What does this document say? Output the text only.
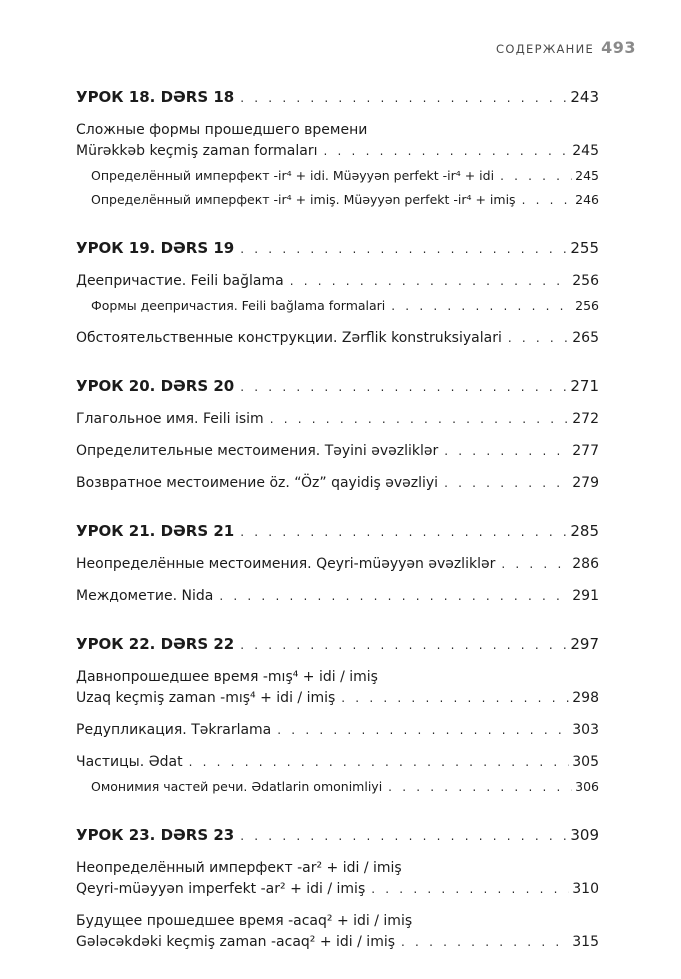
СОДЕРЖАНИЕ 493
УРОК 18. DƏRS 18 . . .	243
Сложные формы прошедшего времени
Mürəkkəb keçmiş zaman formaları . . .	245
Определённый имперфект -ir⁴ + idi. Müəyyən perfekt -ir⁴ + idi . . .	245
Определённый имперфект -ir⁴ + imiş. Müəyyən perfekt -ir⁴ + imiş . . .	246
УРОК 19. DƏRS 19 . . .	255
Деепричастие. Feili bağlama . . .	256
Формы деепричастия. Feili bağlama formalari . . .	256
Обстоятельственные конструкции. Zərflik konstruksiyalari . . .	265
УРОК 20. DƏRS 20 . . .	271
Глагольное имя. Feili isim . . .	272
Определительные местоимения. Təyini əvəzliklər . . .	277
Возвратное местоимение öz. “Öz” qayidiş əvəzliyi . . .	279
УРОК 21. DƏRS 21 . . .	285
Неопределённые местоимения. Qeyri-müəyyən əvəzliklər . . .	286
Междометие. Nida . . .	291
УРОК 22. DƏRS 22 . . .	297
Давнопрошедшее время -mış⁴ + idi / imiş
Uzaq keçmiş zaman -mış⁴ + idi / imiş . . .	298
Редупликация. Təkrarlama . . .	303
Частицы. Ədat . . .	305
Омонимия частей речи. Ədatlarin omonimliyi . . .	306
УРОК 23. DƏRS 23 . . .	309
Неопределённый имперфект -ar² + idi / imiş
Qeyri-müəyyən imperfekt -ar² + idi / imiş . . .	310
Будущее прошедшее время -acaq² + idi / imiş
Gələcəkdəki keçmiş zaman -acaq² + idi / imiş . . .	315
